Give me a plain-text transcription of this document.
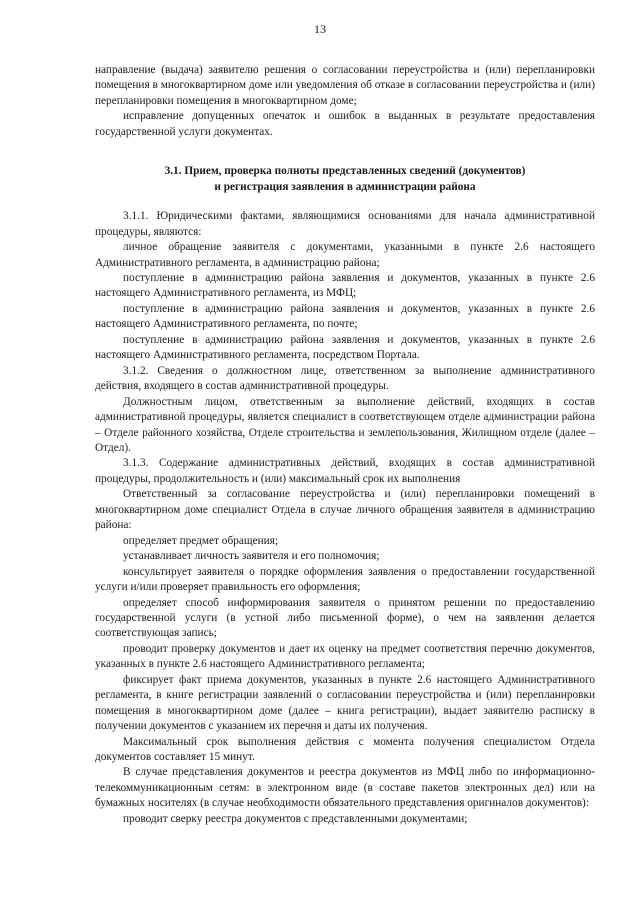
13

направление (выдача) заявителю решения о согласовании переустройства и (или) перепланировки помещения в многоквартирном доме или уведомления об отказе в согласовании переустройства и (или) перепланировки помещения в многоквартирном доме;

исправление допущенных опечаток и ошибок в выданных в результате предоставления государственной услуги документах.

3.1. Прием, проверка полноты представленных сведений (документов)
и регистрация заявления в администрации района

3.1.1. Юридическими фактами, являющимися основаниями для начала административной процедуры, являются:

личное обращение заявителя с документами, указанными в пункте 2.6 настоящего Административного регламента, в администрацию района;

поступление в администрацию района заявления и документов, указанных в пункте 2.6 настоящего Административного регламента, из МФЦ;

поступление в администрацию района заявления и документов, указанных в пункте 2.6 настоящего Административного регламента, по почте;

поступление в администрацию района заявления и документов, указанных в пункте 2.6 настоящего Административного регламента, посредством Портала.

3.1.2. Сведения о должностном лице, ответственном за выполнение административного действия, входящего в состав административной процедуры.

Должностным лицом, ответственным за выполнение действий, входящих в состав административной процедуры, является специалист в соответствующем отделе администрации района – Отделе районного хозяйства, Отделе строительства и землепользования, Жилищном отделе (далее – Отдел).

3.1.3. Содержание административных действий, входящих в состав административной процедуры, продолжительность и (или) максимальный срок их выполнения

Ответственный за согласование переустройства и (или) перепланировки помещений в многоквартирном доме специалист Отдела в случае личного обращения заявителя в администрацию района:

определяет предмет обращения;

устанавливает личность заявителя и его полномочия;

консультирует заявителя о порядке оформления заявления о предоставлении государственной услуги и/или проверяет правильность его оформления;

определяет способ информирования заявителя о принятом решении по предоставлению государственной услуги (в устной либо письменной форме), о чем на заявлении делается соответствующая запись;

проводит проверку документов и дает их оценку на предмет соответствия перечню документов, указанных в пункте 2.6 настоящего Административного регламента;

фиксирует факт приема документов, указанных в пункте 2.6 настоящего Административного регламента, в книге регистрации заявлений о согласовании переустройства и (или) перепланировки помещения в многоквартирном доме (далее – книга регистрации), выдает заявителю расписку в получении документов с указанием их перечня и даты их получения.

Максимальный срок выполнения действия с момента получения специалистом Отдела документов составляет 15 минут.

В случае представления документов и реестра документов из МФЦ либо по информационно-телекоммуникационным сетям: в электронном виде (в составе пакетов электронных дел) или на бумажных носителях (в случае необходимости обязательного представления оригиналов документов):

проводит сверку реестра документов с представленными документами;
